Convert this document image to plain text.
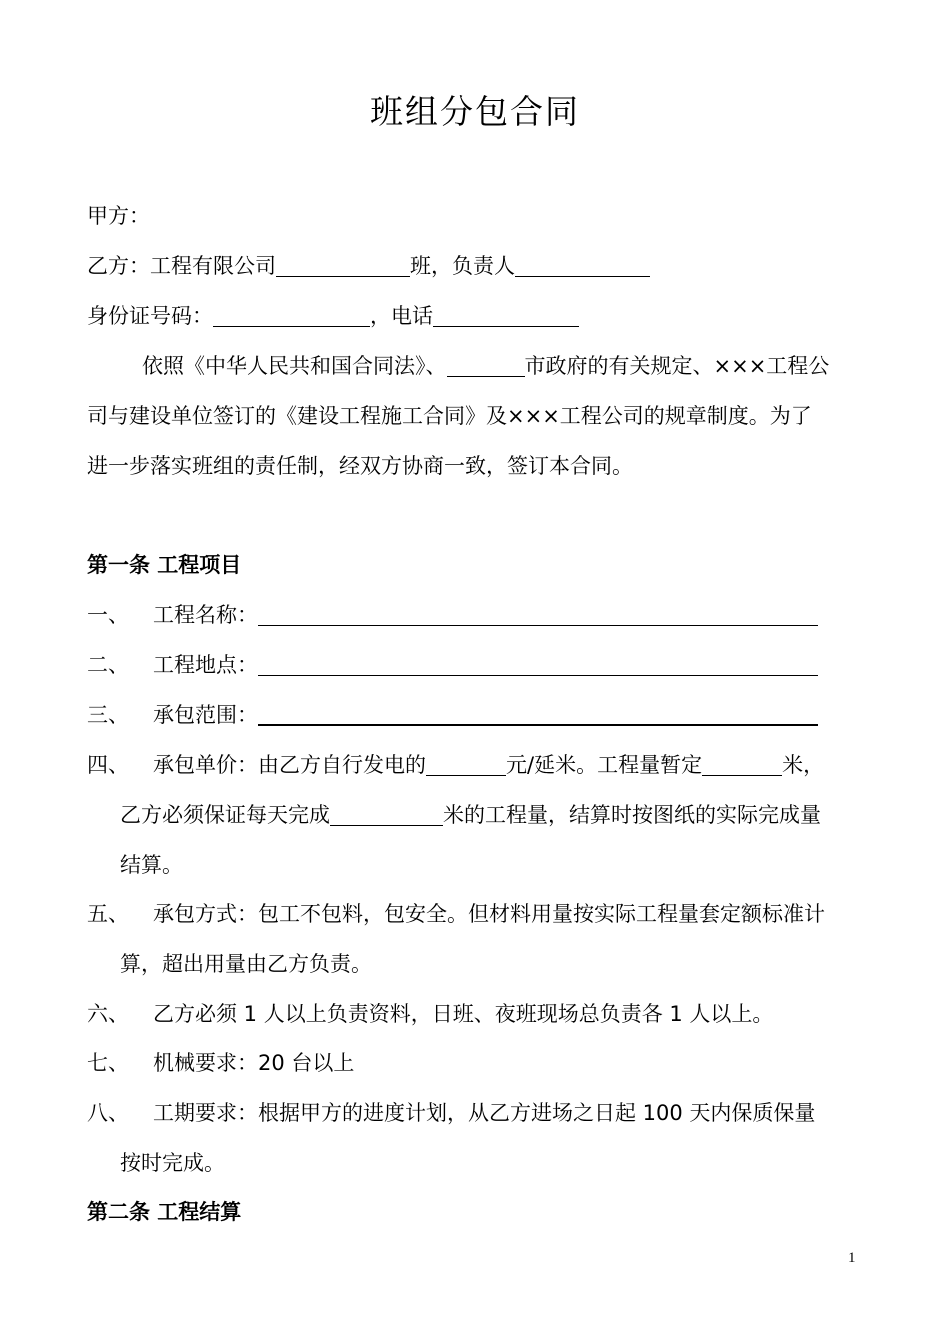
班组分包合同
甲方：
乙方：工程有限公司	班，负责人
身份证号码：	，电话
依照《中华人民共和国合同法》、	市政府的有关规定、×××工程公
司与建设单位签订的《建设工程施工合同》及×××工程公司的规章制度。为了
进一步落实班组的责任制，经双方协商一致，签订本合同。
第一条 工程项目
一、 工程名称：
二、 工程地点：
三、 承包范围：
四、 承包单价：由乙方自行发电的	元/延米。工程量暂定	米，
乙方必须保证每天完成	米的工程量，结算时按图纸的实际完成量
结算。
五、 承包方式：包工不包料，包安全。但材料用量按实际工程量套定额标准计
算，超出用量由乙方负责。
六、 乙方必须 1 人以上负责资料，日班、夜班现场总负责各 1 人以上。
七、 机械要求：20 台以上
八、 工期要求：根据甲方的进度计划，从乙方进场之日起 100 天内保质保量
按时完成。
第二条 工程结算
1
